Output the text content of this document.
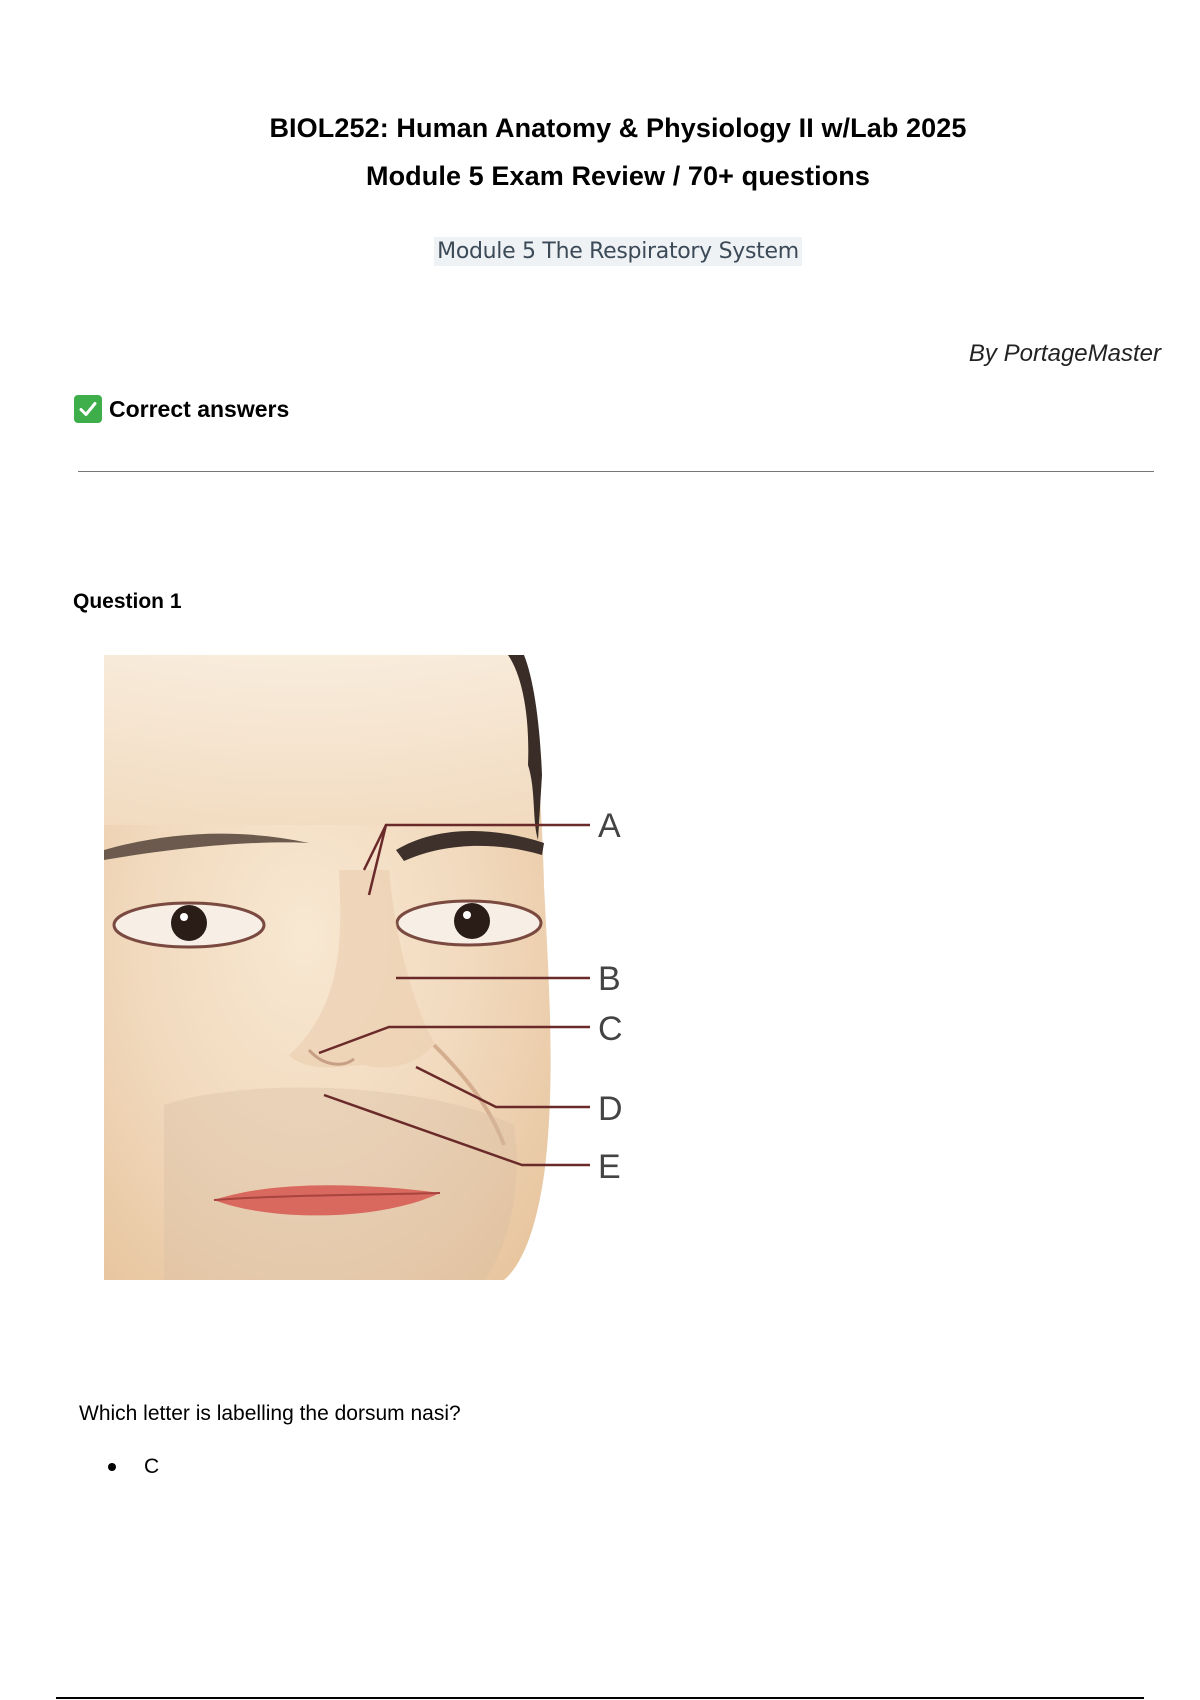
BIOL252: Human Anatomy & Physiology II w/Lab 2025
Module 5 Exam Review / 70+ questions
Module 5 The Respiratory System
By PortageMaster
Correct answers
Question 1
A
B
C
D
E
Which letter is labelling the dorsum nasi?
C
